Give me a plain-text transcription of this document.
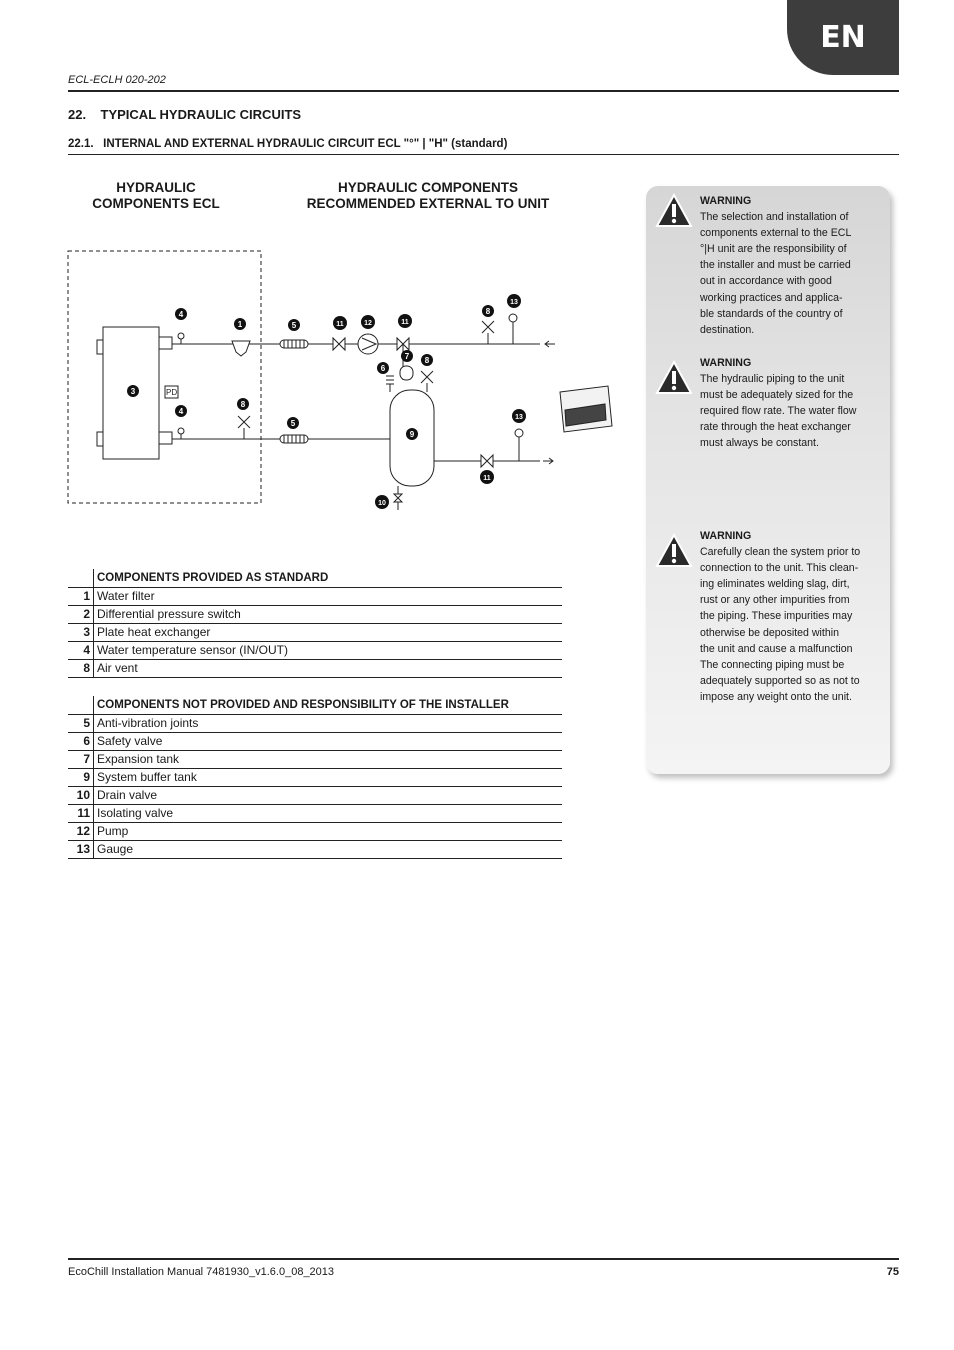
EN
ECL-ECLH 020-202
22.    TYPICAL HYDRAULIC CIRCUITS
22.1.   INTERNAL AND EXTERNAL HYDRAULIC CIRCUIT ECL "°" | "H" (standard)
HYDRAULIC
COMPONENTS ECL
HYDRAULIC COMPONENTS
RECOMMENDED EXTERNAL TO UNIT
PD
1
3
4
4
5
5
6
7
8
8
8
9
10
11	11
11
12
13
13
WARNING
The selection and installation of
components external to the ECL
°|H unit are the responsibility of
the installer and must be carried
out in accordance with good
working practices and applica-
ble standards of the country of
destination.
WARNING
The hydraulic piping to the unit
must be adequately sized for the
required flow rate. The water flow
rate through the heat exchanger
must always be constant.
WARNING
Carefully clean the system prior to
connection to the unit. This clean-
ing eliminates welding slag, dirt,
rust or any other impurities from
the piping. These impurities may
otherwise be deposited within
the unit and cause a malfunction
The connecting piping must be
adequately supported so as not to
impose any weight onto the unit.
	COMPONENTS PROVIDED AS STANDARD
1	Water filter
2	Differential pressure switch
3	Plate heat exchanger
4	Water temperature sensor (IN/OUT)
8	Air vent
	COMPONENTS NOT PROVIDED AND RESPONSIBILITY OF THE INSTALLER
5	Anti-vibration joints
6	Safety valve
7	Expansion tank
9	System buffer tank
10	Drain valve
11	Isolating valve
12	Pump
13	Gauge
EcoChill Installation Manual 7481930_v1.6.0_08_2013	75
